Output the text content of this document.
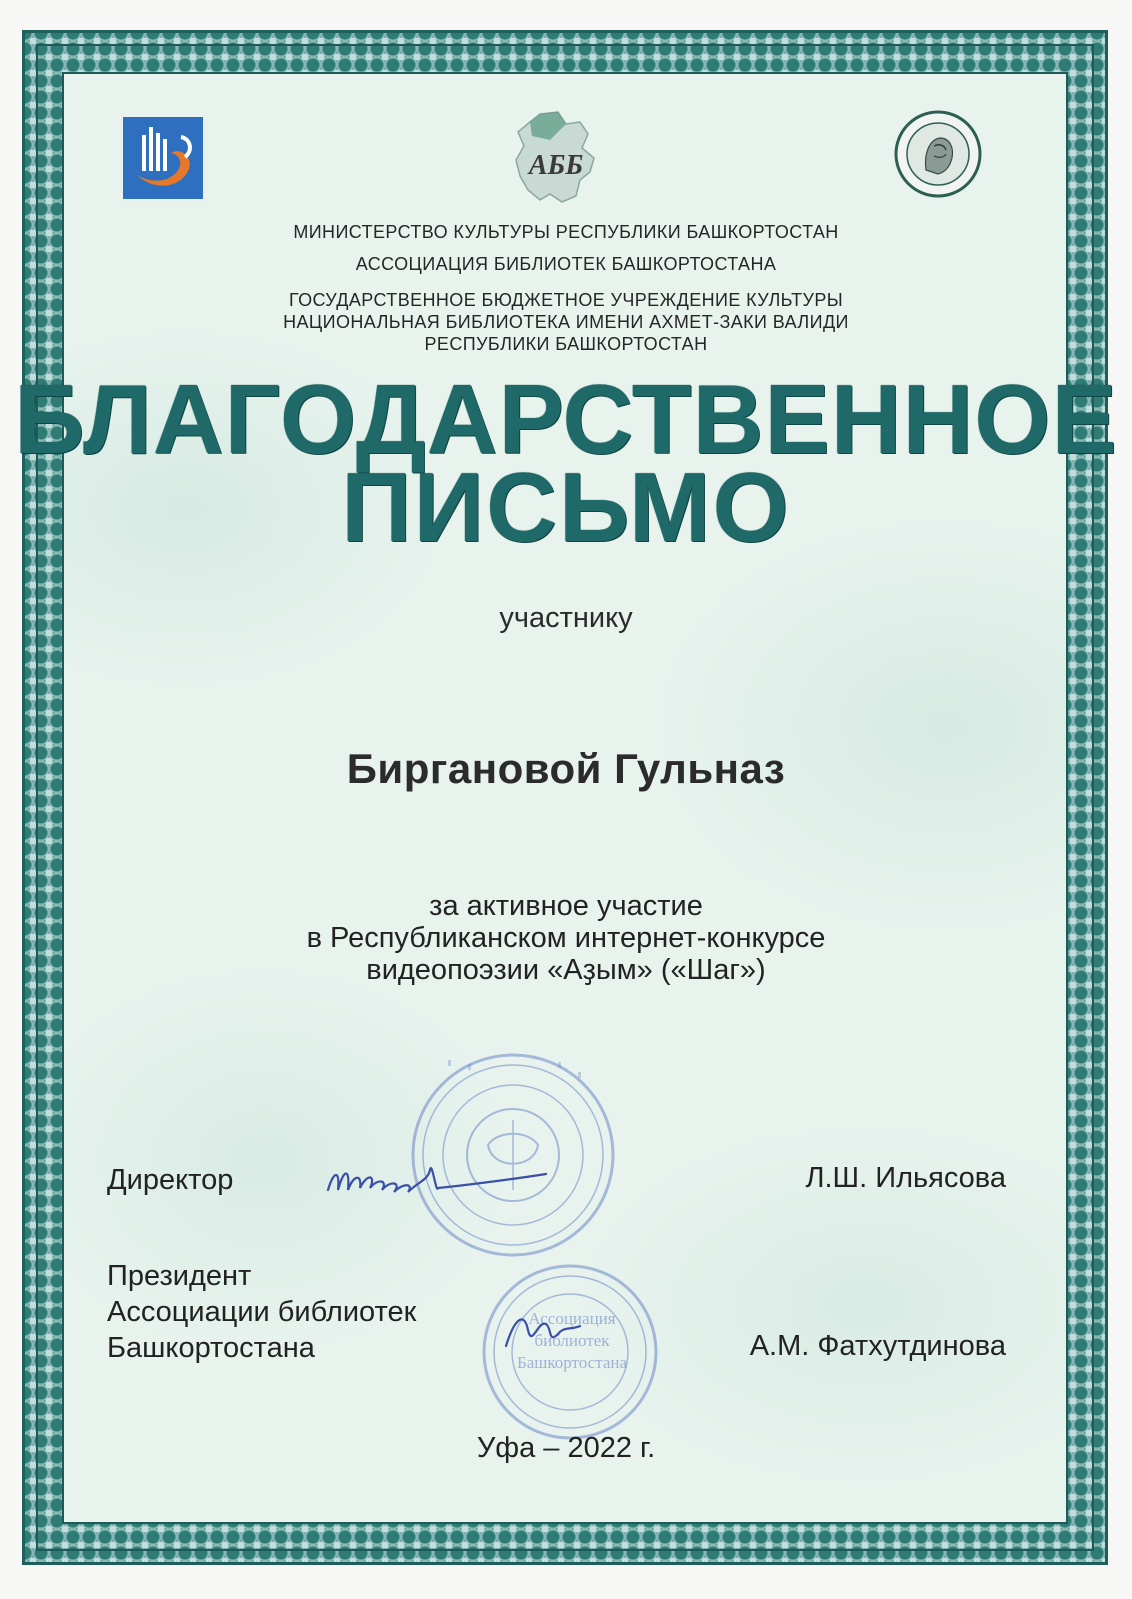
АББ
МИНИСТЕРСТВО КУЛЬТУРЫ РЕСПУБЛИКИ БАШКОРТОСТАН
АССОЦИАЦИЯ БИБЛИОТЕК БАШКОРТОСТАНА
ГОСУДАРСТВЕННОЕ БЮДЖЕТНОЕ УЧРЕЖДЕНИЕ КУЛЬТУРЫ
НАЦИОНАЛЬНАЯ БИБЛИОТЕКА ИМЕНИ АХМЕТ-ЗАКИ ВАЛИДИ
РЕСПУБЛИКИ БАШКОРТОСТАН
БЛАГОДАРСТВЕННОЕ
ПИСЬМО
участнику
Биргановой Гульназ
за активное участие
в Республиканском интернет-конкурсе
видеопоэзии «Аҙым» («Шаг»)
Ассоциация
библиотек
Башкортостана
Директор	Л.Ш. Ильясова
Президент
Ассоциации библиотек
Башкортостана	А.М. Фатхутдинова
Уфа – 2022 г.
